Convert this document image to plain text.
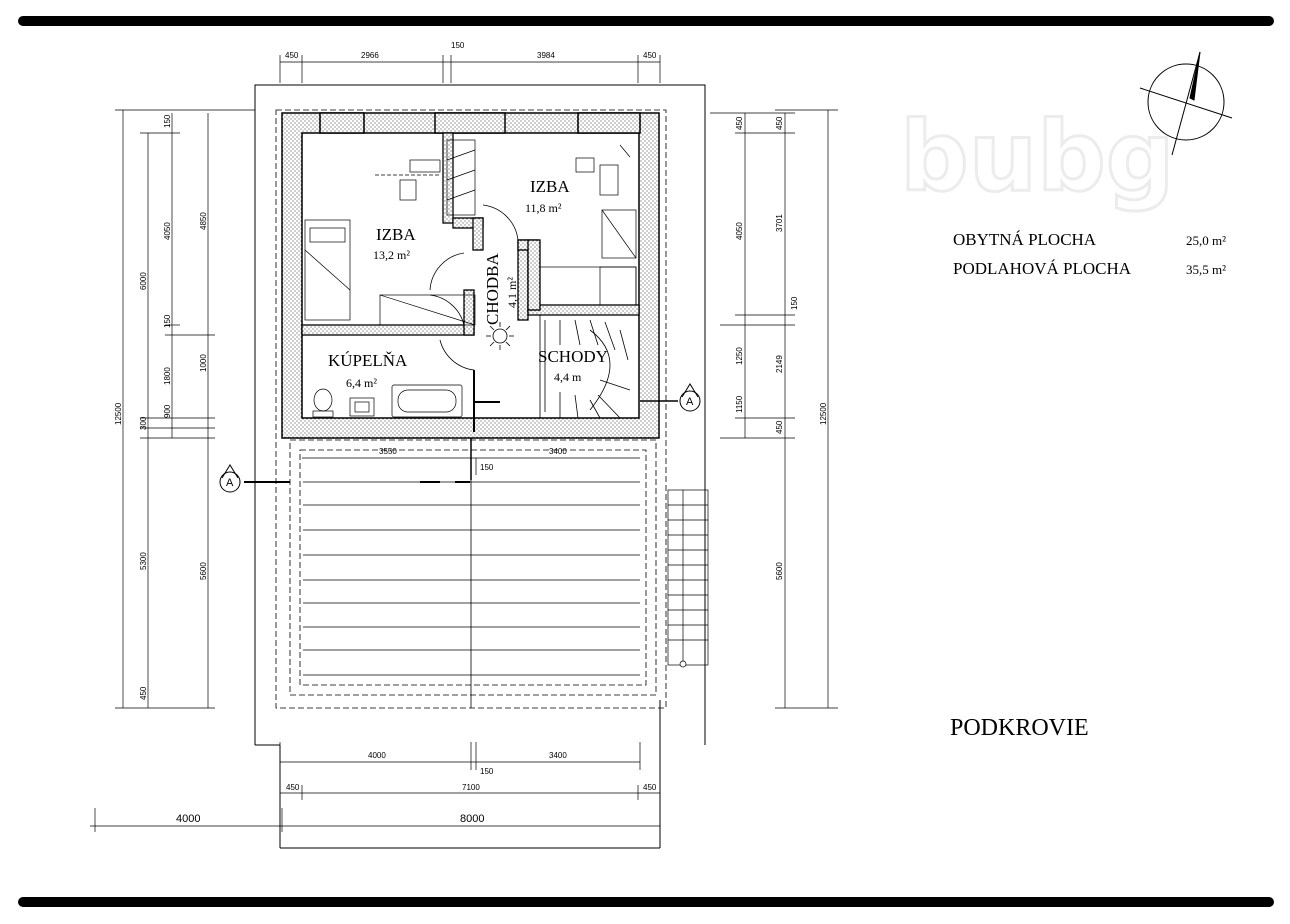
bubg
A
A
IZBA
13,2 m²
IZBA
11,8 m²
CHODBA 4,1 m²
KÚPELŇA
6,4 m²
SCHODY
4,4 m
450	2966
150
3984	450
3550
150
3400
4000
150
3400
450	7100	450
4000	8000
12500
6000
300
5300
450
150
4050
150
1800
900
4850
1000
5600
450
4050
1250
1150
450
5600
450
3701
150
2149
12500
OBYTNÁ PLOCHA	25,0 m²
PODLAHOVÁ PLOCHA	35,5 m²
PODKROVIE
